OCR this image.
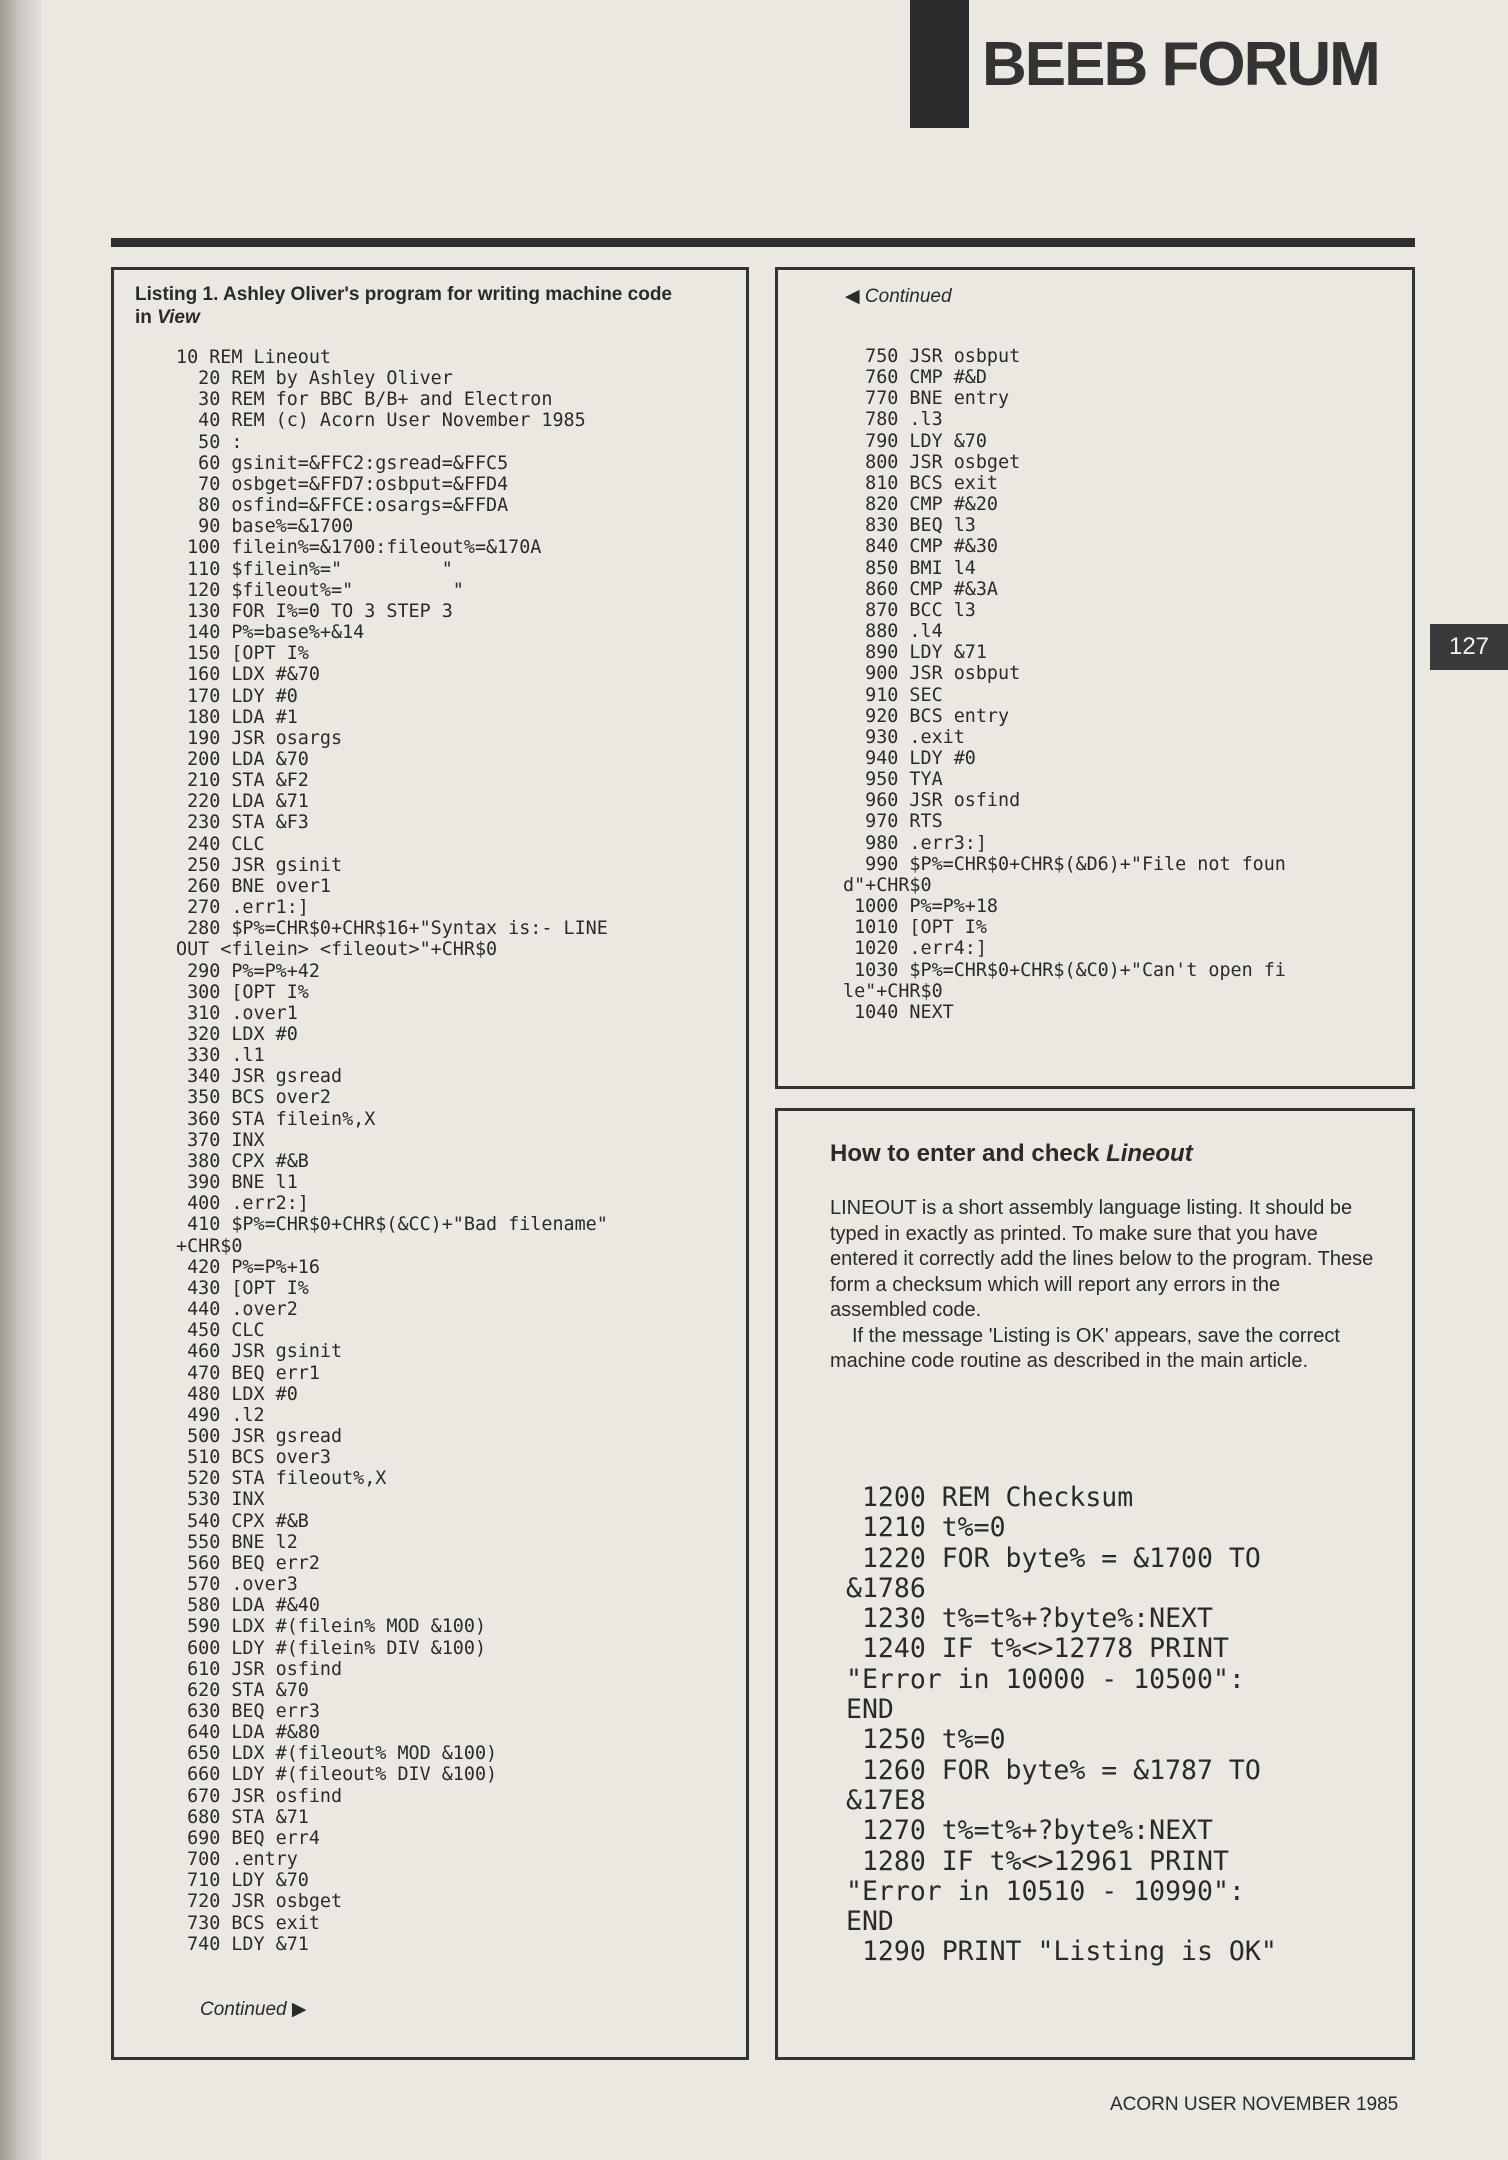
BEEB FORUM
Listing 1. Ashley Oliver's program for writing machine code in View
10 REM Lineout
20 REM by Ashley Oliver
30 REM for BBC B/B+ and Electron
40 REM (c) Acorn User November 1985
50 :
60 gsinit=&FFC2:gsread=&FFC5
70 osbget=&FFD7:osbput=&FFD4
80 osfind=&FFCE:osargs=&FFDA
90 base%=&1700
100 filein%=&1700:fileout%=&170A
110 $filein%="         "
120 $fileout%="         "
130 FOR I%=0 TO 3 STEP 3
140 P%=base%+&14
150 [OPT I%
160 LDX #&70
170 LDY #0
180 LDA #1
190 JSR osargs
200 LDA &70
210 STA &F2
220 LDA &71
230 STA &F3
240 CLC
250 JSR gsinit
260 BNE over1
270 .err1:]
280 $P%=CHR$0+CHR$16+"Syntax is:- LINE
OUT <filein> <fileout>"+CHR$0
290 P%=P%+42
300 [OPT I%
310 .over1
320 LDX #0
330 .l1
340 JSR gsread
350 BCS over2
360 STA filein%,X
370 INX
380 CPX #&B
390 BNE l1
400 .err2:]
410 $P%=CHR$0+CHR$(&CC)+"Bad filename"
+CHR$0
420 P%=P%+16
430 [OPT I%
440 .over2
450 CLC
460 JSR gsinit
470 BEQ err1
480 LDX #0
490 .l2
500 JSR gsread
510 BCS over3
520 STA fileout%,X
530 INX
540 CPX #&B
550 BNE l2
560 BEQ err2
570 .over3
580 LDA #&40
590 LDX #(filein% MOD &100)
600 LDY #(filein% DIV &100)
610 JSR osfind
620 STA &70
630 BEQ err3
640 LDA #&80
650 LDX #(fileout% MOD &100)
660 LDY #(fileout% DIV &100)
670 JSR osfind
680 STA &71
690 BEQ err4
700 .entry
710 LDY &70
720 JSR osbget
730 BCS exit
740 LDY &71
Continued ▶
◀ Continued
750 JSR osbput
760 CMP #&D
770 BNE entry
780 .l3
790 LDY &70
800 JSR osbget
810 BCS exit
820 CMP #&20
830 BEQ l3
840 CMP #&30
850 BMI l4
860 CMP #&3A
870 BCC l3
880 .l4
890 LDY &71
900 JSR osbput
910 SEC
920 BCS entry
930 .exit
940 LDY #0
950 TYA
960 JSR osfind
970 RTS
980 .err3:]
990 $P%=CHR$0+CHR$(&D6)+"File not foun
d"+CHR$0
1000 P%=P%+18
1010 [OPT I%
1020 .err4:]
1030 $P%=CHR$0+CHR$(&C0)+"Can't open fi
le"+CHR$0
1040 NEXT
How to enter and check Lineout

LINEOUT is a short assembly language listing. It should be typed in exactly as printed. To make sure that you have entered it correctly add the lines below to the program. These form a checksum which will report any errors in the assembled code.

If the message 'Listing is OK' appears, save the correct machine code routine as described in the main article.

1200 REM Checksum
1210 t%=0
1220 FOR byte% = &1700 TO
&1786
1230 t%=t%+?byte%:NEXT
1240 IF t%<>12778 PRINT
"Error in 10000 - 10500":
END
1250 t%=0
1260 FOR byte% = &1787 TO
&17E8
1270 t%=t%+?byte%:NEXT
1280 IF t%<>12961 PRINT
"Error in 10510 - 10990":
END
1290 PRINT "Listing is OK"
127
ACORN USER NOVEMBER 1985
